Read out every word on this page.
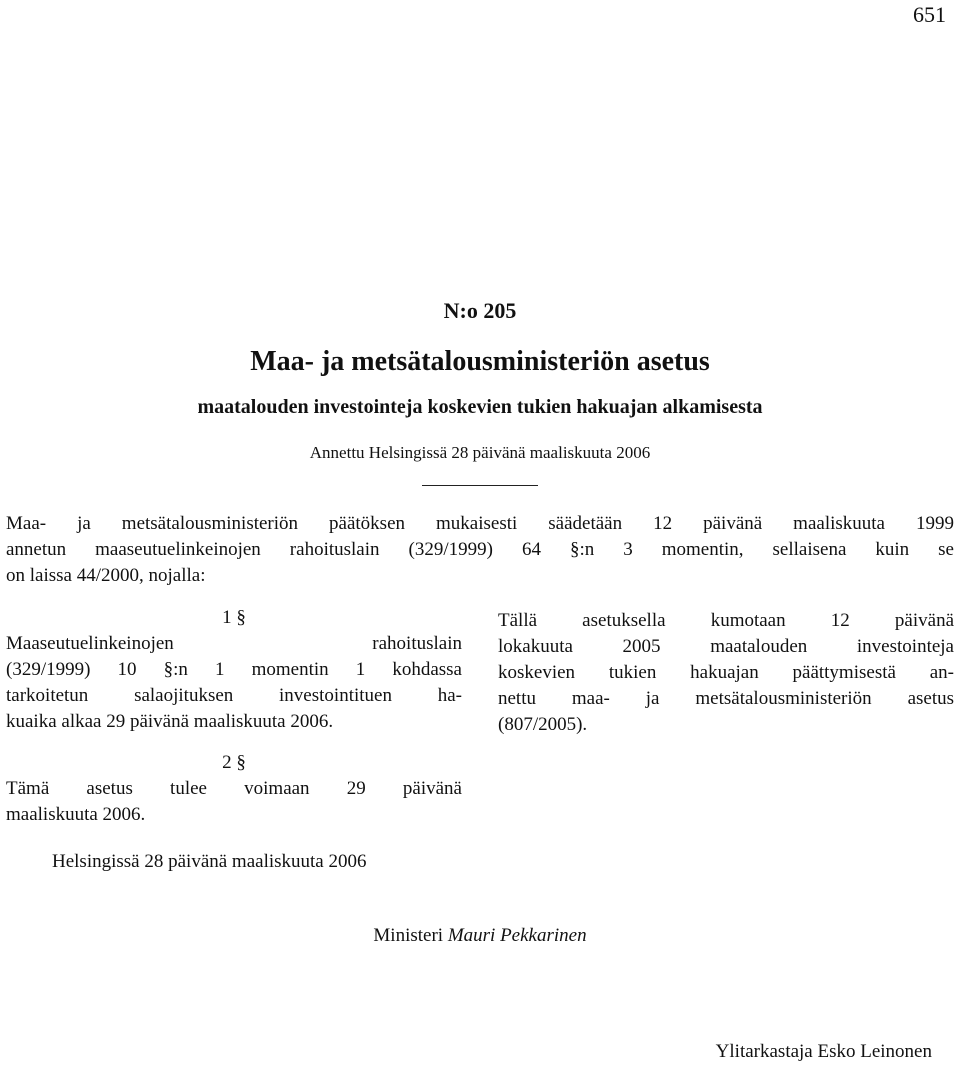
651
N:o 205
Maa- ja metsätalousministeriön asetus
maatalouden investointeja koskevien tukien hakuajan alkamisesta
Annettu Helsingissä 28 päivänä maaliskuuta 2006
Maa- ja metsätalousministeriön päätöksen mukaisesti säädetään 12 päivänä maaliskuuta 1999
annetun maaseutuelinkeinojen rahoituslain (329/1999) 64 §:n 3 momentin, sellaisena kuin se
on laissa 44/2000, nojalla:
1 §
Maaseutuelinkeinojen rahoituslain
(329/1999) 10 §:n 1 momentin 1 kohdassa
tarkoitetun salaojituksen investointituen ha-
kuaika alkaa 29 päivänä maaliskuuta 2006.
2 §
Tämä asetus tulee voimaan 29 päivänä
maaliskuuta 2006.
Tällä asetuksella kumotaan 12 päivänä
lokakuuta 2005 maatalouden investointeja
koskevien tukien hakuajan päättymisestä an-
nettu maa- ja metsätalousministeriön asetus
(807/2005).
Helsingissä 28 päivänä maaliskuuta 2006
Ministeri Mauri Pekkarinen
Ylitarkastaja Esko Leinonen
